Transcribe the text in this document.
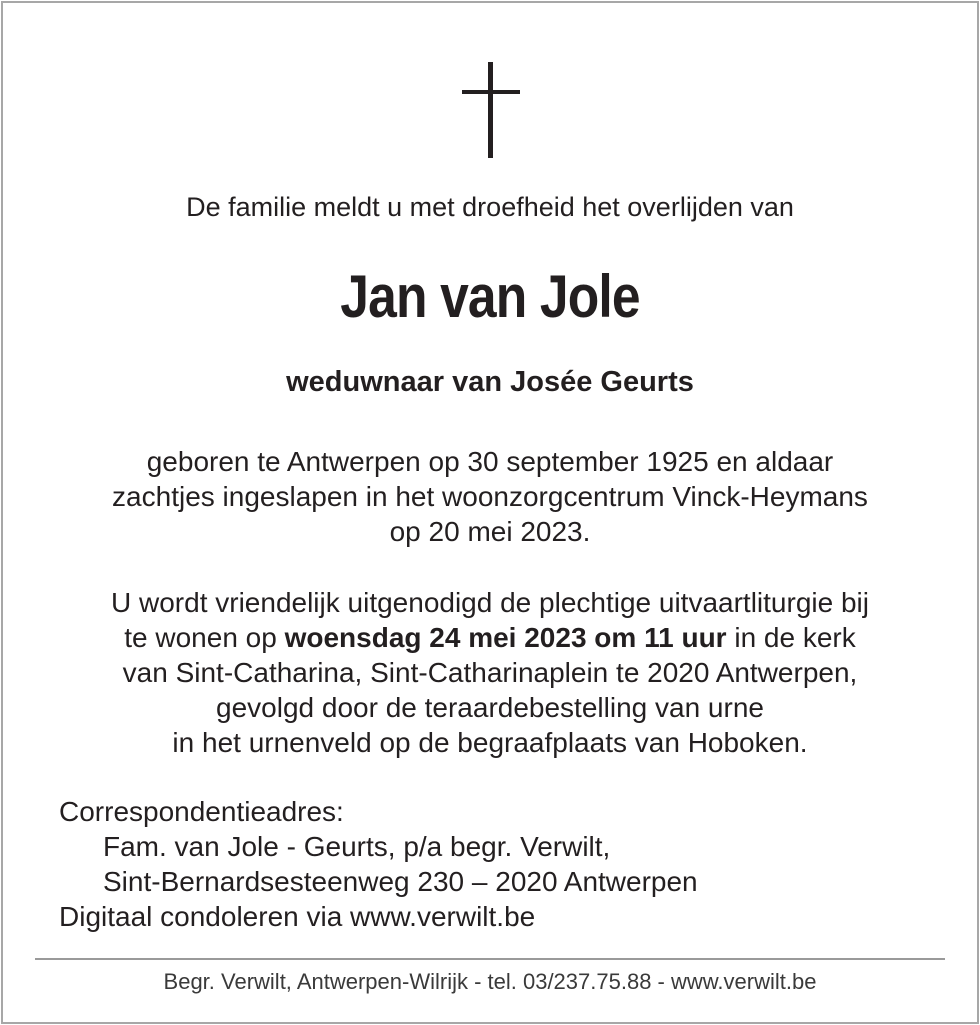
De familie meldt u met droefheid het overlijden van
Jan van Jole
weduwnaar van Josée Geurts
geboren te Antwerpen op 30 september 1925 en aldaar
zachtjes ingeslapen in het woonzorgcentrum Vinck-Heymans
op 20 mei 2023.
U wordt vriendelijk uitgenodigd de plechtige uitvaartliturgie bij
te wonen op woensdag 24 mei 2023 om 11 uur in de kerk
van Sint-Catharina, Sint-Catharinaplein te 2020 Antwerpen,
gevolgd door de teraardebestelling van urne
in het urnenveld op de begraafplaats van Hoboken.
Correspondentieadres:
Fam. van Jole - Geurts, p/a begr. Verwilt,
Sint-Bernardsesteenweg 230 – 2020 Antwerpen
Digitaal condoleren via www.verwilt.be
Begr. Verwilt, Antwerpen-Wilrijk - tel. 03/237.75.88 - www.verwilt.be
